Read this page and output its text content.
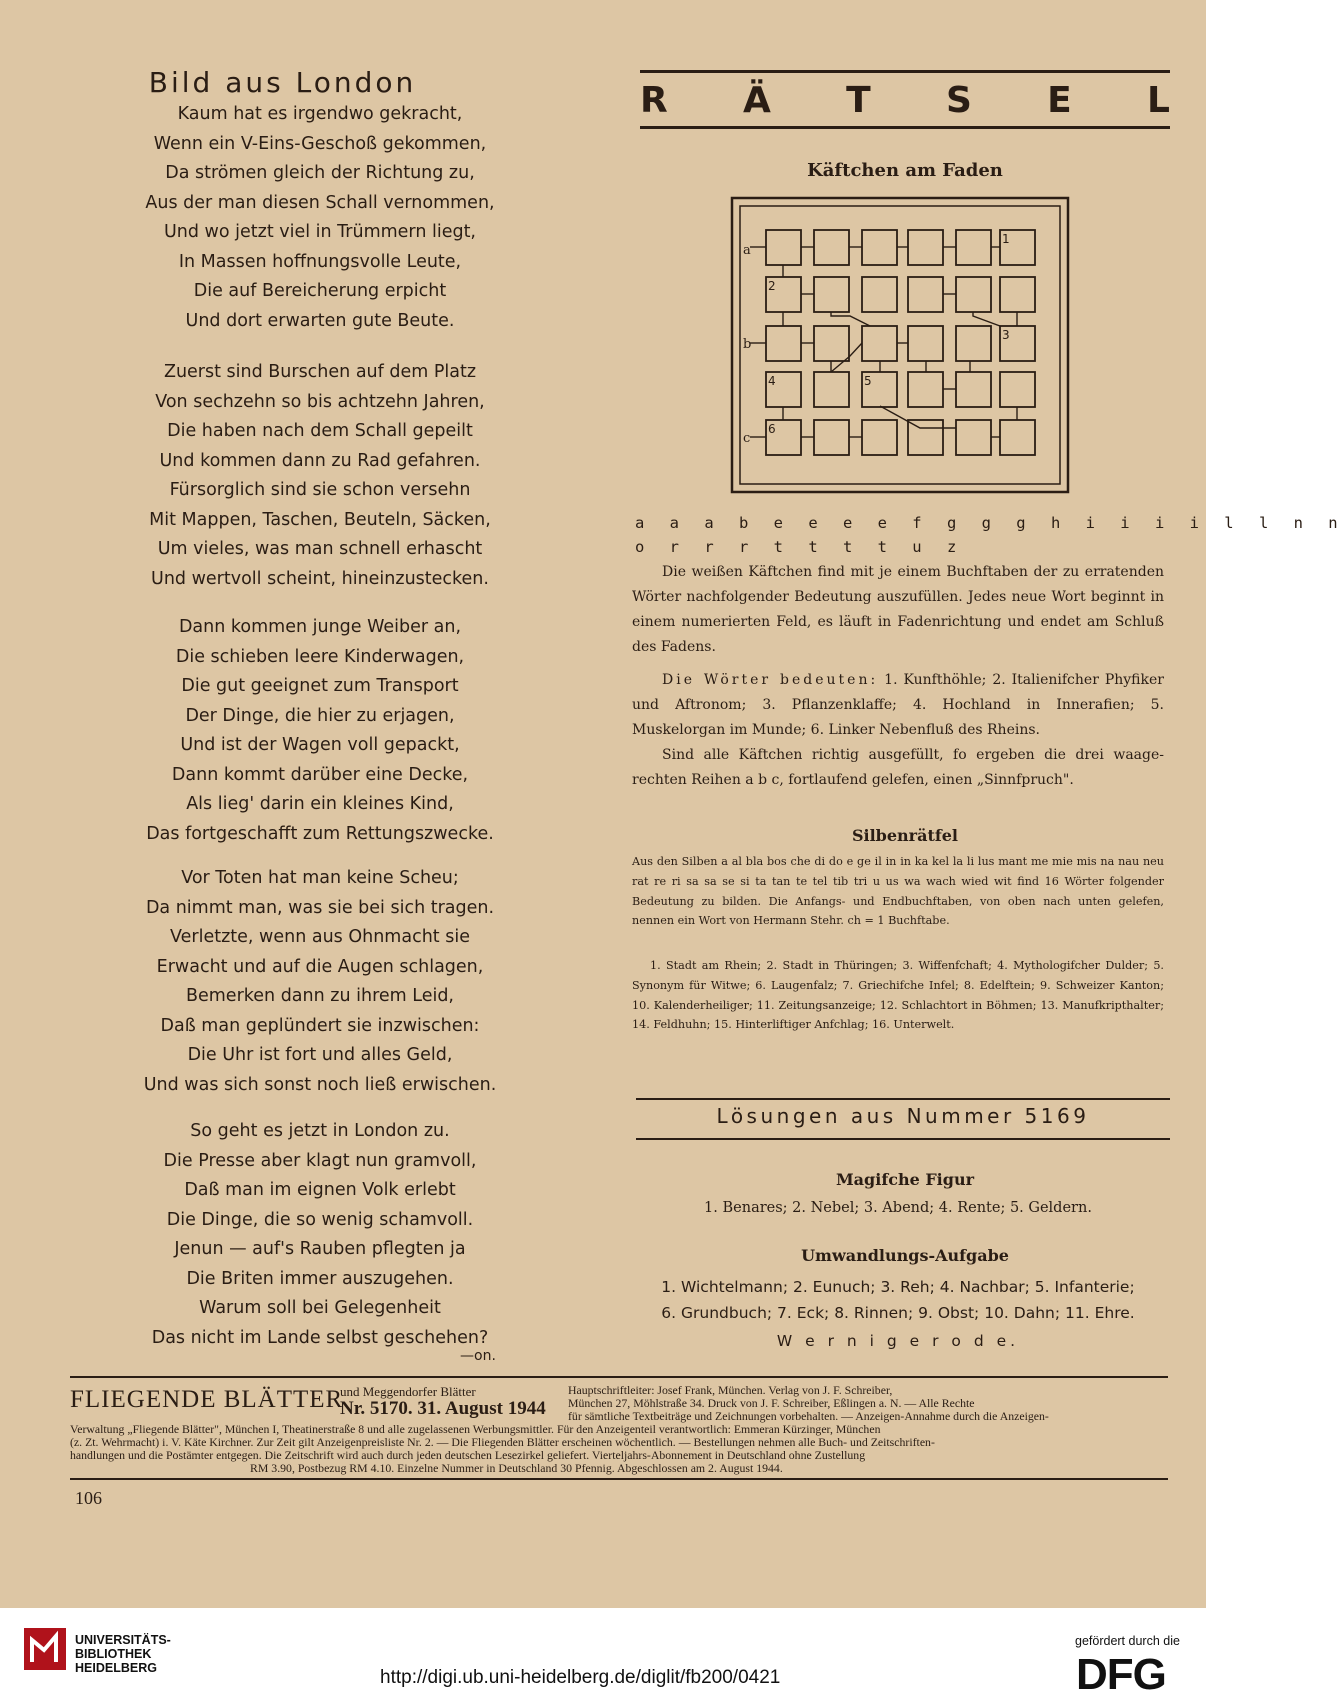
Bild aus London
Kaum hat es irgendwo gekracht,
Wenn ein V-Eins-Geschoß gekommen,
Da strömen gleich der Richtung zu,
Aus der man diesen Schall vernommen,
Und wo jetzt viel in Trümmern liegt,
In Massen hoffnungsvolle Leute,
Die auf Bereicherung erpicht
Und dort erwarten gute Beute.
Zuerst sind Burschen auf dem Platz
Von sechzehn so bis achtzehn Jahren,
Die haben nach dem Schall gepeilt
Und kommen dann zu Rad gefahren.
Fürsorglich sind sie schon versehn
Mit Mappen, Taschen, Beuteln, Säcken,
Um vieles, was man schnell erhascht
Und wertvoll scheint, hineinzustecken.
Dann kommen junge Weiber an,
Die schieben leere Kinderwagen,
Die gut geeignet zum Transport
Der Dinge, die hier zu erjagen,
Und ist der Wagen voll gepackt,
Dann kommt darüber eine Decke,
Als lieg' darin ein kleines Kind,
Das fortgeschafft zum Rettungszwecke.
Vor Toten hat man keine Scheu;
Da nimmt man, was sie bei sich tragen.
Verletzte, wenn aus Ohnmacht sie
Erwacht und auf die Augen schlagen,
Bemerken dann zu ihrem Leid,
Daß man geplündert sie inzwischen:
Die Uhr ist fort und alles Geld,
Und was sich sonst noch ließ erwischen.
So geht es jetzt in London zu.
Die Presse aber klagt nun gramvoll,
Daß man im eignen Volk erlebt
Die Dinge, die so wenig schamvoll.
Jenun — auf's Rauben pflegten ja
Die Briten immer auszugehen.
Warum soll bei Gelegenheit
Das nicht im Lande selbst geschehen?
—on.
R Ä T S E L
Käftchen am Faden
a
b
c
1
2
3
4	5
6
a a a b e e e e f g g g h i i i i l l n n
o r r r t t t t u z
Die weißen Käftchen find mit je einem Buchftaben der zu erratenden Wörter nachfolgender Bedeutung auszufüllen. Jedes neue Wort beginnt in einem numerierten Feld, es läuft in Fadenrichtung und endet am Schluß des Fadens.
Die Wörter bedeuten: 1. Kunfthöhle; 2. Italienifcher Phyfiker und Aftronom; 3. Pflanzenklaffe; 4. Hochland in Innerafien; 5. Muskelorgan im Munde; 6. Linker Nebenfluß des Rheins.
Sind alle Käftchen richtig ausgefüllt, fo ergeben die drei waagerechten Reihen a b c, fortlaufend gelefen, einen „Sinnfpruch".
Silbenrätfel
Aus den Silben a al bla bos che di do e ge il in in ka kel la li lus mant me mie mis na nau neu rat re ri sa sa se si ta tan te tel tib tri u us wa wach wied wit find 16 Wörter folgender Bedeutung zu bilden. Die Anfangs- und Endbuchftaben, von oben nach unten gelefen, nennen ein Wort von Hermann Stehr. ch = 1 Buchftabe.
1. Stadt am Rhein; 2. Stadt in Thüringen; 3. Wiffenfchaft; 4. Mythologifcher Dulder; 5. Synonym für Witwe; 6. Laugenfalz; 7. Griechifche Infel; 8. Edelftein; 9. Schweizer Kanton; 10. Kalenderheiliger; 11. Zeitungsanzeige; 12. Schlachtort in Böhmen; 13. Manufkripthalter; 14. Feldhuhn; 15. Hinterliftiger Anfchlag; 16. Unterwelt.
Lösungen aus Nummer 5169
Magifche Figur
1. Benares; 2. Nebel; 3. Abend; 4. Rente; 5. Geldern.
Umwandlungs-Aufgabe
1. Wichtelmann; 2. Eunuch; 3. Reh; 4. Nachbar; 5. Infanterie;
6. Grundbuch; 7. Eck; 8. Rinnen; 9. Obst; 10. Dahn; 11. Ehre.
W e r n i g e r o d e.
FLIEGENDE BLÄTTER
und Meggendorfer Blätter
Nr. 5170. 31. August 1944
Hauptschriftleiter: Josef Frank, München. Verlag von J. F. Schreiber,
München 27, Möhlstraße 34. Druck von J. F. Schreiber, Eßlingen a. N. — Alle Rechte
für sämtliche Textbeiträge und Zeichnungen vorbehalten. — Anzeigen-Annahme durch die Anzeigen-
Verwaltung „Fliegende Blätter", München I, Theatinerstraße 8 und alle zugelassenen Werbungsmittler. Für den Anzeigenteil verantwortlich: Emmeran Kürzinger, München
(z. Zt. Wehrmacht) i. V. Käte Kirchner. Zur Zeit gilt Anzeigenpreisliste Nr. 2. — Die Fliegenden Blätter erscheinen wöchentlich. — Bestellungen nehmen alle Buch- und Zeitschriften-
handlungen und die Postämter entgegen. Die Zeitschrift wird auch durch jeden deutschen Lesezirkel geliefert. Vierteljahrs-Abonnement in Deutschland ohne Zustellung
RM 3.90, Postbezug RM 4.10. Einzelne Nummer in Deutschland 30 Pfennig. Abgeschlossen am 2. August 1944.
106
UNIVERSITÄTS-
BIBLIOTHEK
HEIDELBERG	http://digi.ub.uni-heidelberg.de/diglit/fb200/0421
gefördert durch die
DFG
